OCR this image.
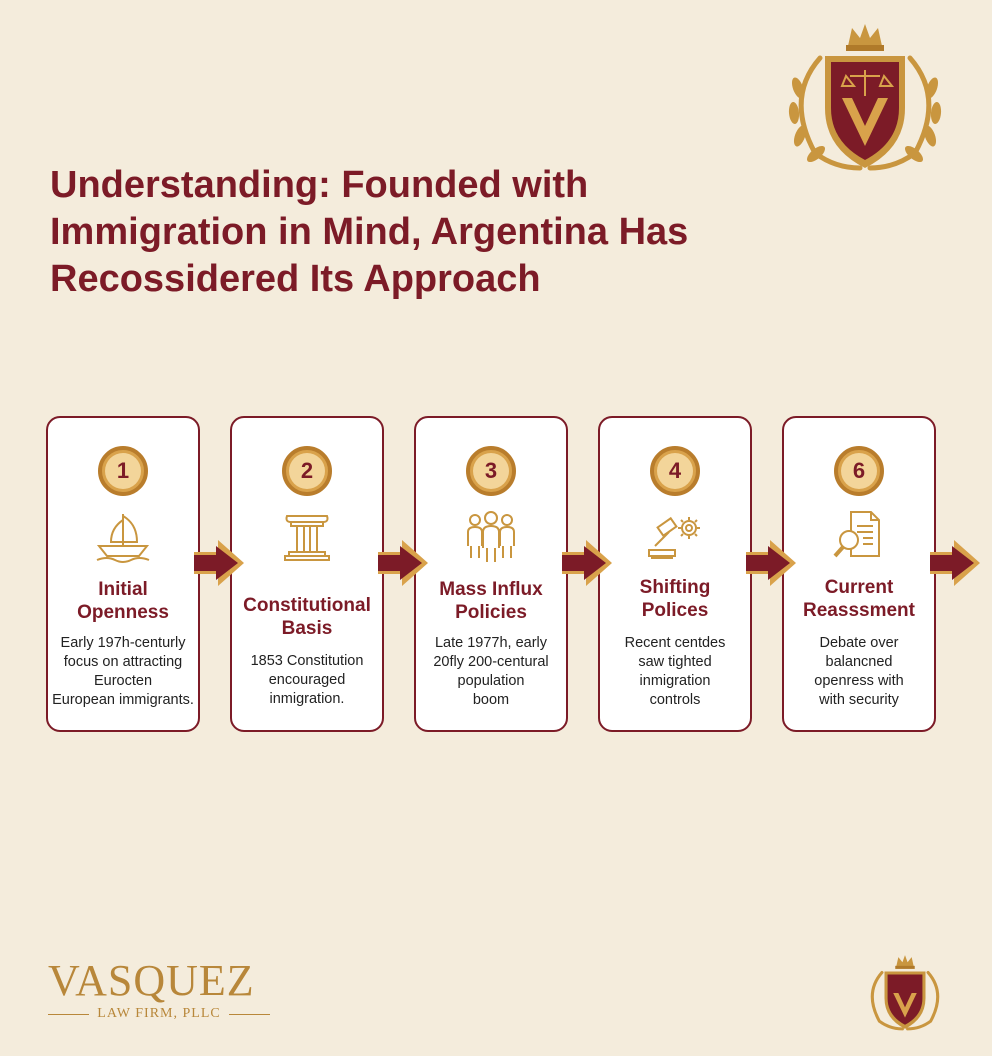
Understanding: Founded with
Immigration in Mind, Argentina Has
Recossidered Its Approach
1
Initial
Openness
Early 197h-centurly
focus on attracting
Eurocten
European immigrants.
2
Constitutional
Basis
1853 Constitution
encouraged
inmigration.
3
Mass Influx
Policies
Late 1977h, early
20fly 200-centural
population
boom
4
Shifting
Polices
Recent centdes
saw tighted
inmigration
controls
6
Current
Reasssment
Debate over
balancned
openress with
with security
VASQUEZ
LAW FIRM, PLLC
